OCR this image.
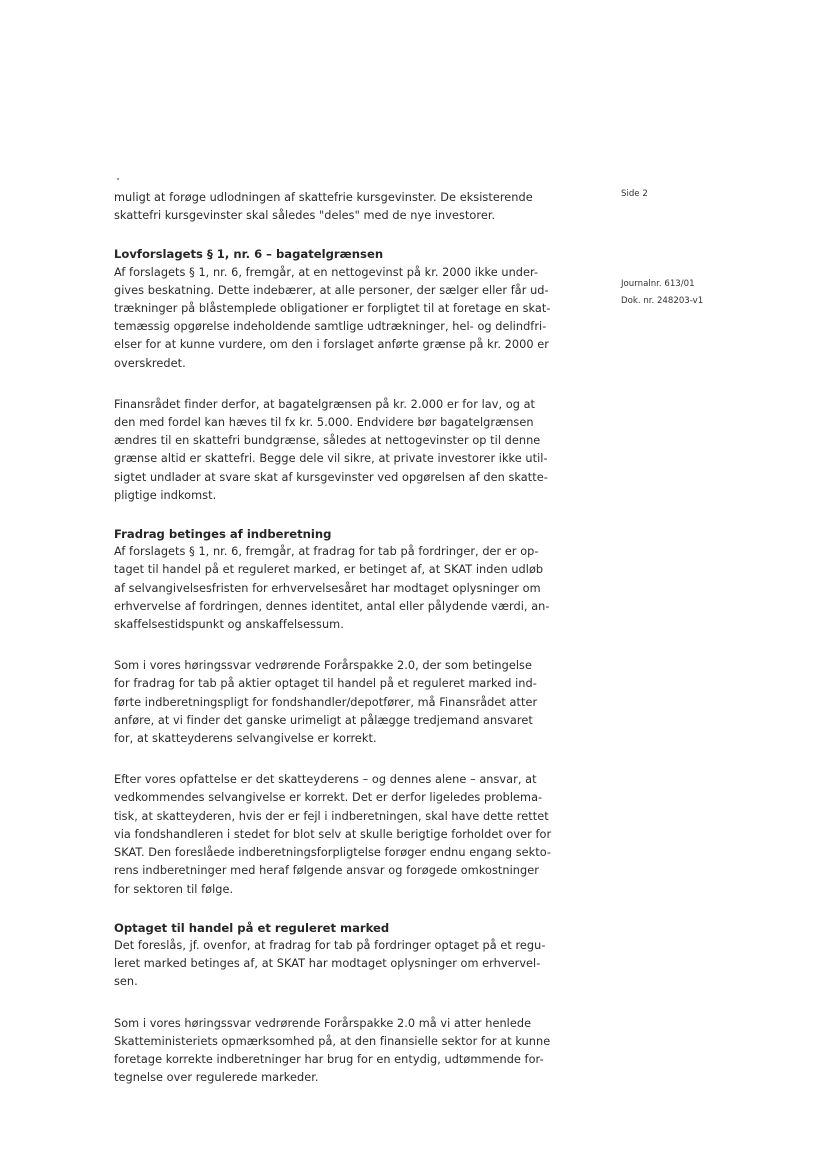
Side 2
Journalnr. 613/01
Dok. nr. 248203-v1

muligt at forøge udlodningen af skattefrie kursgevinster. De eksisterende
skattefri kursgevinster skal således "deles" med de nye investorer.

Lovforslagets § 1, nr. 6 – bagatelgrænsen

Af forslagets § 1, nr. 6, fremgår, at en nettogevinst på kr. 2000 ikke under-
gives beskatning. Dette indebærer, at alle personer, der sælger eller får ud-
trækninger på blåstemplede obligationer er forpligtet til at foretage en skat-
temæssig opgørelse indeholdende samtlige udtrækninger, hel- og delindfri-
elser for at kunne vurdere, om den i forslaget anførte grænse på kr. 2000 er
overskredet.

Finansrådet finder derfor, at bagatelgrænsen på kr. 2.000 er for lav, og at
den med fordel kan hæves til fx kr. 5.000. Endvidere bør bagatelgrænsen
ændres til en skattefri bundgrænse, således at nettogevinster op til denne
grænse altid er skattefri. Begge dele vil sikre, at private investorer ikke util-
sigtet undlader at svare skat af kursgevinster ved opgørelsen af den skatte-
pligtige indkomst.

Fradrag betinges af indberetning

Af forslagets § 1, nr. 6, fremgår, at fradrag for tab på fordringer, der er op-
taget til handel på et reguleret marked, er betinget af, at SKAT inden udløb
af selvangivelsesfristen for erhvervelsesåret har modtaget oplysninger om
erhvervelse af fordringen, dennes identitet, antal eller pålydende værdi, an-
skaffelsestidspunkt og anskaffelsessum.

Som i vores høringssvar vedrørende Forårspakke 2.0, der som betingelse
for fradrag for tab på aktier optaget til handel på et reguleret marked ind-
førte indberetningspligt for fondshandler/depotfører, må Finansrådet atter
anføre, at vi finder det ganske urimeligt at pålægge tredjemand ansvaret
for, at skatteyderens selvangivelse er korrekt.

Efter vores opfattelse er det skatteyderens – og dennes alene – ansvar, at
vedkommendes selvangivelse er korrekt. Det er derfor ligeledes problema-
tisk, at skatteyderen, hvis der er fejl i indberetningen, skal have dette rettet
via fondshandleren i stedet for blot selv at skulle berigtige forholdet over for
SKAT. Den foreslåede indberetningsforpligtelse forøger endnu engang sekto-
rens indberetninger med heraf følgende ansvar og forøgede omkostninger
for sektoren til følge.

Optaget til handel på et reguleret marked

Det foreslås, jf. ovenfor, at fradrag for tab på fordringer optaget på et regu-
leret marked betinges af, at SKAT har modtaget oplysninger om erhvervel-
sen.

Som i vores høringssvar vedrørende Forårspakke 2.0 må vi atter henlede
Skatteministeriets opmærksomhed på, at den finansielle sektor for at kunne
foretage korrekte indberetninger har brug for en entydig, udtømmende for-
tegnelse over regulerede markeder.
